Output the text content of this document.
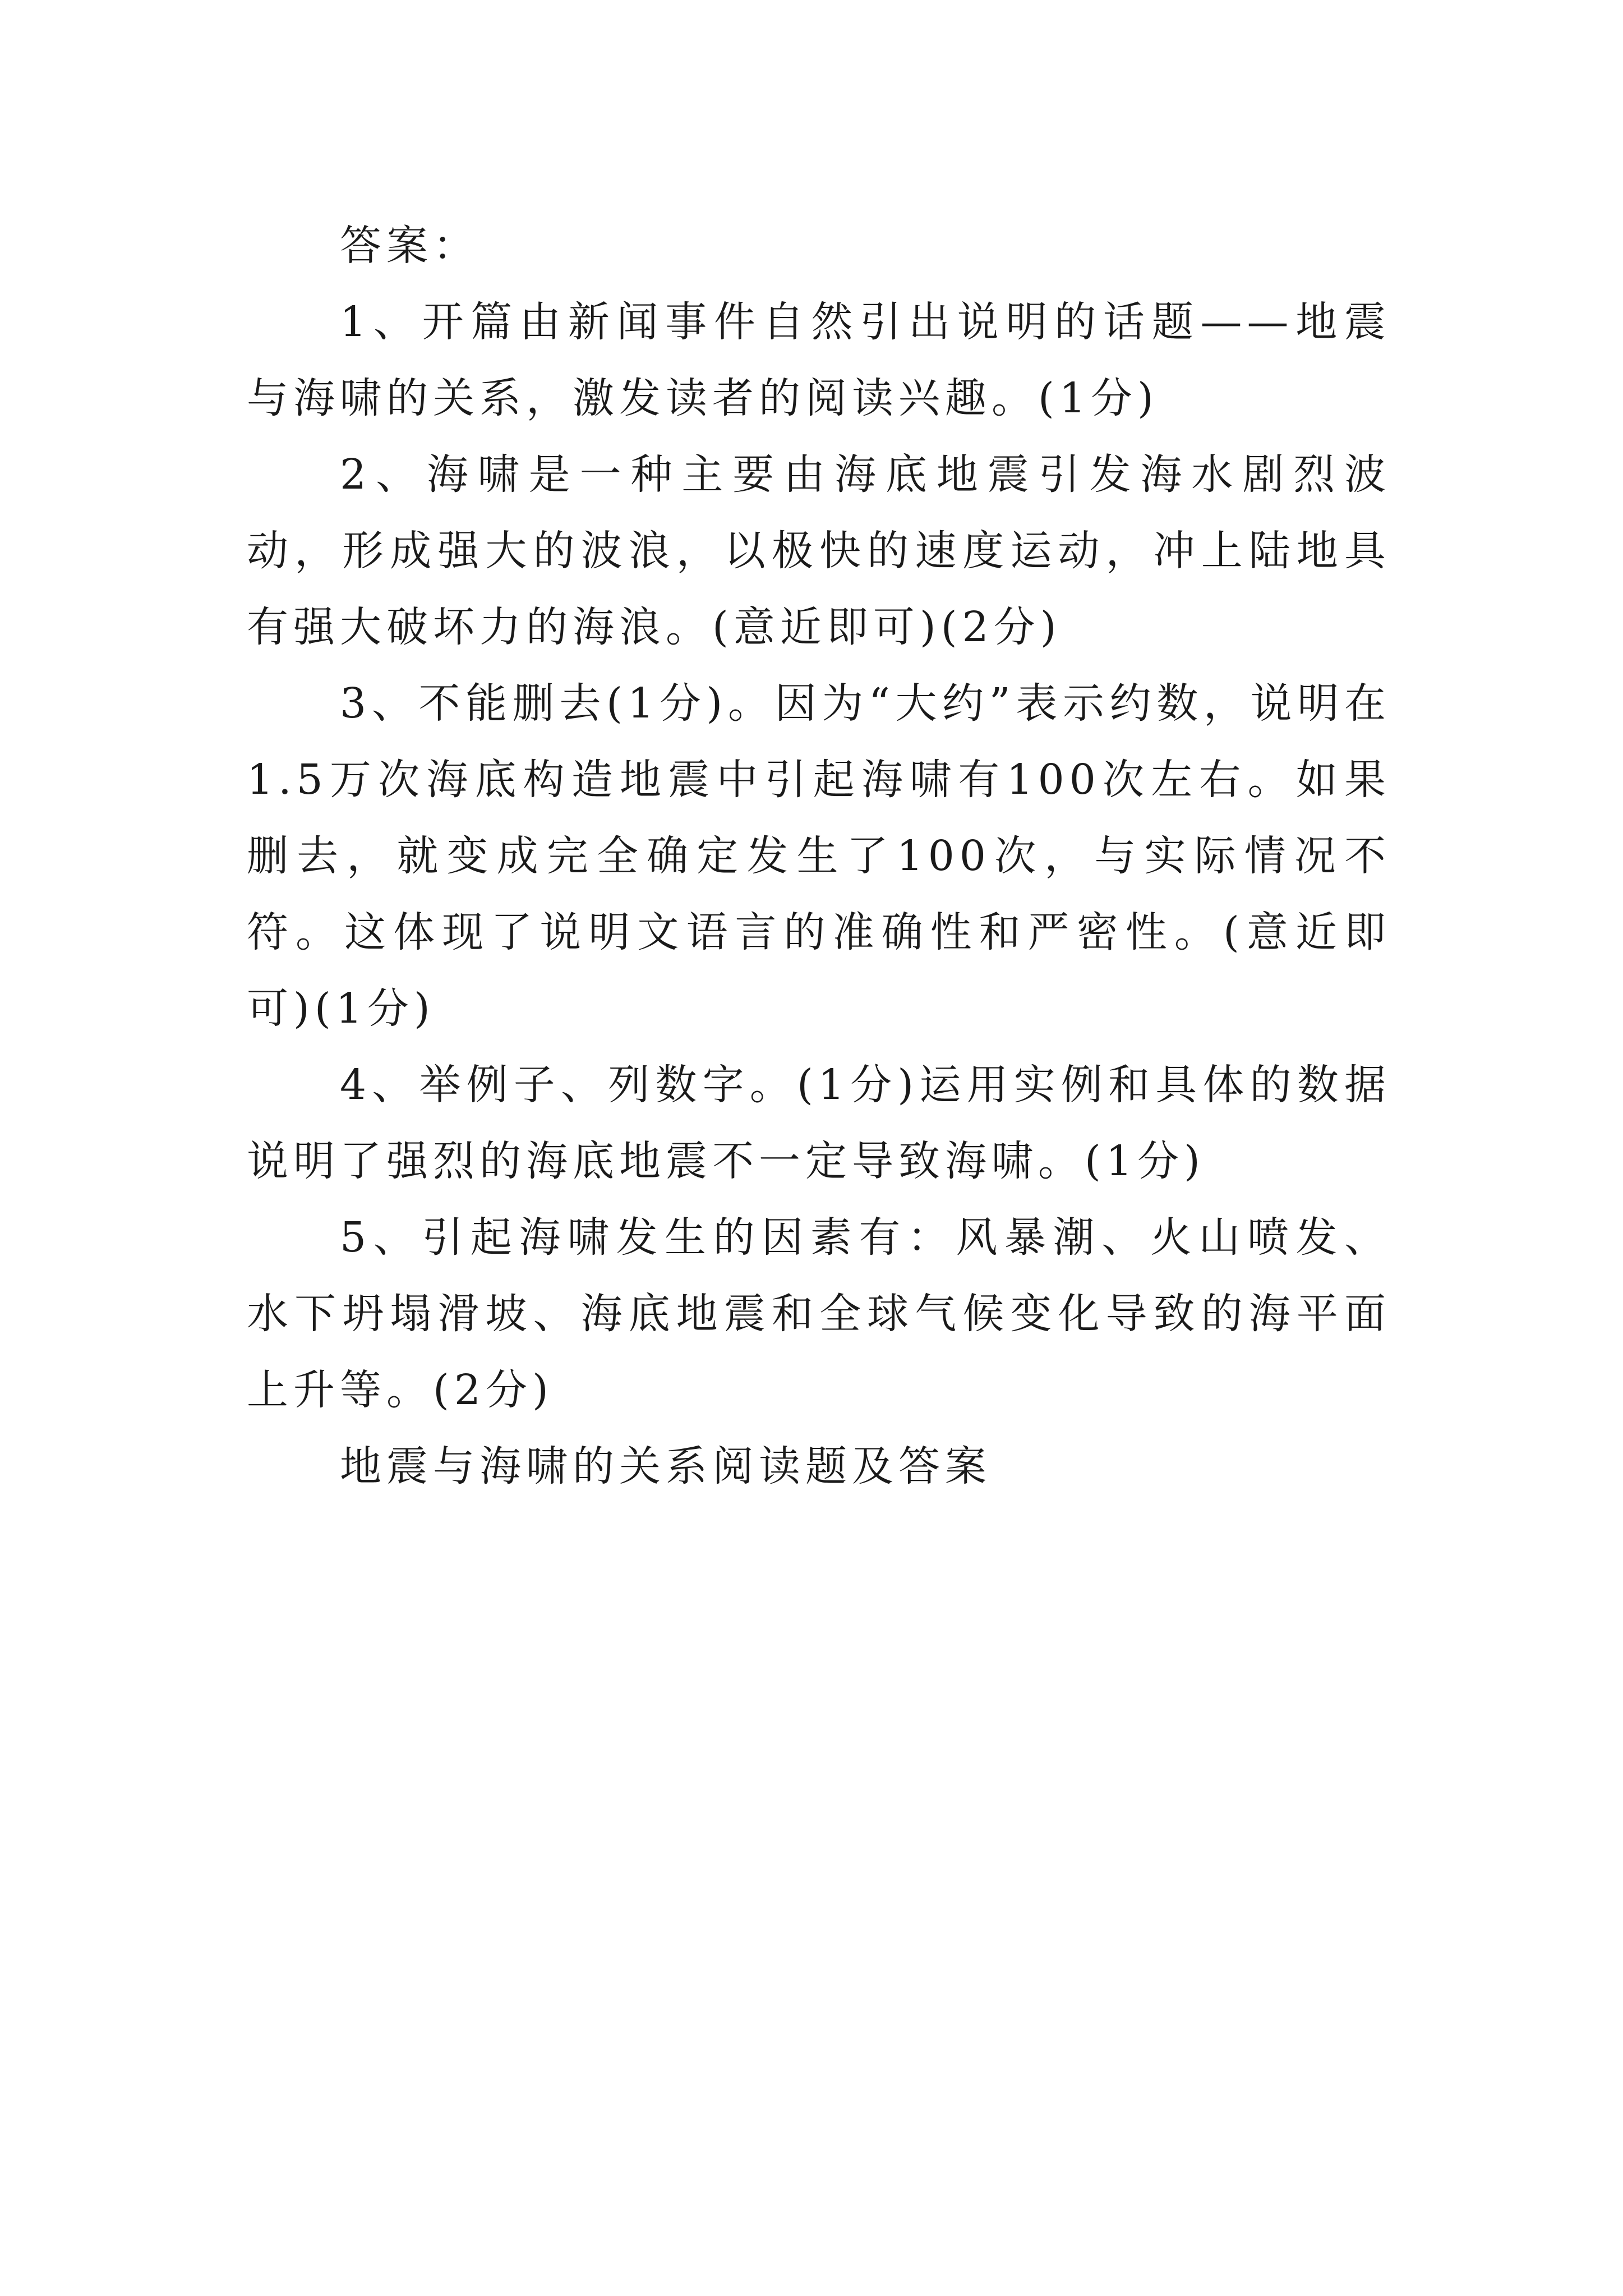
答案：

1、开篇由新闻事件自然引出说明的话题——地震与海啸的关系，激发读者的阅读兴趣。(1分)

2、海啸是一种主要由海底地震引发海水剧烈波动，形成强大的波浪，以极快的速度运动，冲上陆地具有强大破坏力的海浪。(意近即可)(2分)

3、不能删去(1分)。因为“大约”表示约数，说明在1.5万次海底构造地震中引起海啸有100次左右。如果删去，就变成完全确定发生了100次，与实际情况不符。这体现了说明文语言的准确性和严密性。(意近即可)(1分)

4、举例子、列数字。(1分)运用实例和具体的数据说明了强烈的海底地震不一定导致海啸。(1分)

5、引起海啸发生的因素有：风暴潮、火山喷发、水下坍塌滑坡、海底地震和全球气候变化导致的海平面上升等。(2分)

地震与海啸的关系阅读题及答案
